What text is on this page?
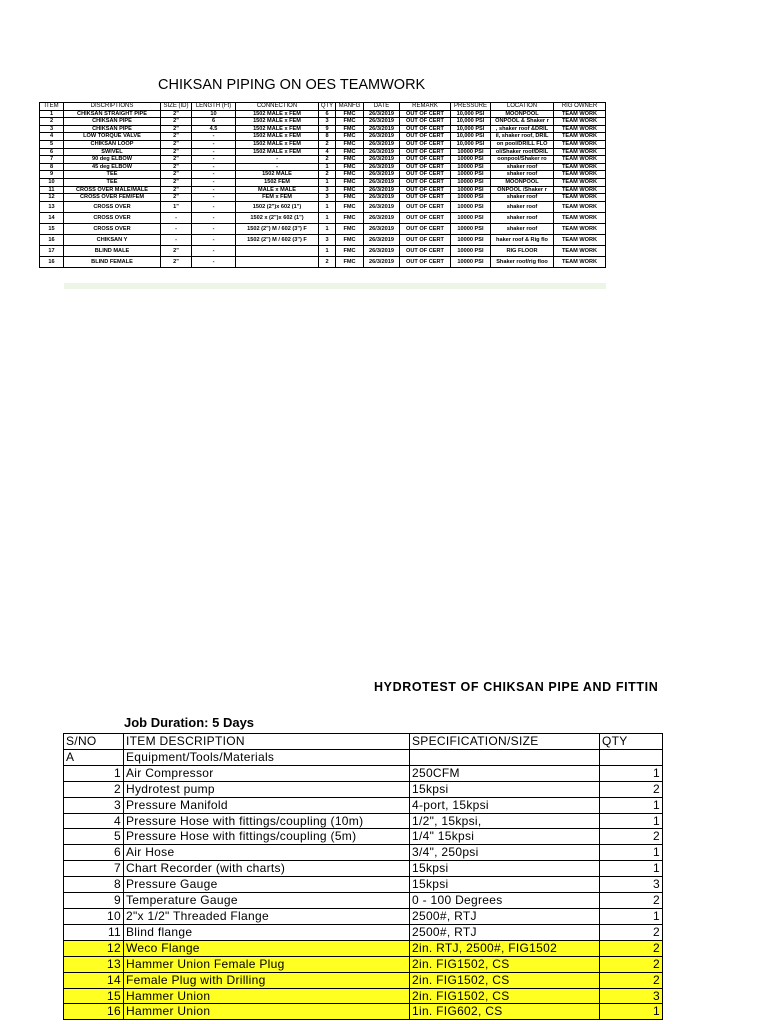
CHIKSAN PIPING ON OES TEAMWORK
ITEM	DISCRIPTIONS	SIZE (ID)	LENGTH (Ft)	CONNECTION	QTY	MANFG	DATE	REMARK	PRESSURE	LOCATION	RIG OWNER
1	CHIKSAN STRAIGHT PIPE	2"	10	1502 MALE x FEM	6	FMC	26/3/2019	OUT OF CERT	10,000 PSI	MOONPOOL	TEAM WORK
2	CHIKSAN PIPE	2"	6	1502 MALE x FEM	3	FMC	26/3/2019	OUT OF CERT	10,000 PSI	ONPOOL & Shaker r	TEAM WORK
3	CHIKSAN PIPE	2"	4.5	1502 MALE x FEM	9	FMC	26/3/2019	OUT OF CERT	10,000 PSI	, shaker roof &DRIL	TEAM WORK
4	LOW TORQUE VALVE	2"	-	1502 MALE x FEM	8	FMC	26/3/2019	OUT OF CERT	10,000 PSI	il, shaker roof, DRIL	TEAM WORK
5	CHIKSAN LOOP	2"	-	1502 MALE x FEM	2	FMC	26/3/2019	OUT OF CERT	10,000 PSI	on pool/DRILL FLO	TEAM WORK
6	SWIVEL	2"	-	1502 MALE x FEM	4	FMC	26/3/2019	OUT OF CERT	10000 PSI	ol/Shaker roof/DRIL	TEAM WORK
7	90 deg ELBOW	2"	-	-	2	FMC	26/3/2019	OUT OF CERT	10000 PSI	oonpool/Shaker ro	TEAM WORK
8	45 deg ELBOW	2"	-	-	1	FMC	26/3/2019	OUT OF CERT	10000 PSI	shaker roof	TEAM WORK
9	TEE	2"	-	1502 MALE	2	FMC	26/3/2019	OUT OF CERT	10000 PSI	shaker roof	TEAM WORK
10	TEE	2"	-	1502 FEM	1	FMC	26/3/2019	OUT OF CERT	10000 PSI	MOONPOOL	TEAM WORK
11	CROSS OVER MALE/MALE	2"	-	MALE x MALE	3	FMC	26/3/2019	OUT OF CERT	10000 PSI	ONPOOL /Shaker r	TEAM WORK
12	CROSS OVER FEM/FEM	2"	-	FEM x FEM	3	FMC	26/3/2019	OUT OF CERT	10000 PSI	shaker roof	TEAM WORK
13	CROSS OVER	1"	-	1502 (2")x 602 (1")	1	FMC	26/3/2019	OUT OF CERT	10000 PSI	shaker roof	TEAM WORK
14	CROSS OVER	-	-	1502 x (2")x 602 (1")	1	FMC	26/3/2019	OUT OF CERT	10000 PSI	shaker roof	TEAM WORK
15	CROSS OVER	-	-	1502 (2") M / 602 (3") F	1	FMC	26/3/2019	OUT OF CERT	10000 PSI	shaker roof	TEAM WORK
16	CHIKSAN Y	-	-	1502 (2") M / 602 (3") F	3	FMC	26/3/2019	OUT OF CERT	10000 PSI	haker roof & Rig flo	TEAM WORK
17	BLIND MALE	2"	-		1	FMC	26/3/2019	OUT OF CERT	10000 PSI	RIG FLOOR	TEAM WORK
16	BLIND FEMALE	2"	-		2	FMC	26/3/2019	OUT OF CERT	10000 PSI	Shaker roof/rig floo	TEAM WORK
HYDROTEST OF CHIKSAN PIPE AND FITTIN
Job Duration: 5 Days
S/NO	ITEM DESCRIPTION	SPECIFICATION/SIZE	QTY
A	Equipment/Tools/Materials		
1	Air Compressor	250CFM	1
2	Hydrotest pump	15kpsi	2
3	Pressure Manifold	4-port, 15kpsi	1
4	Pressure Hose with fittings/coupling (10m)	1/2", 15kpsi,	1
5	Pressure Hose with fittings/coupling (5m)	1/4" 15kpsi	2
6	Air Hose	3/4", 250psi	1
7	Chart Recorder (with charts)	15kpsi	1
8	Pressure Gauge	15kpsi	3
9	Temperature Gauge	0 - 100 Degrees	2
10	2"x 1/2" Threaded Flange	2500#, RTJ	1
11	Blind flange	2500#, RTJ	2
12	Weco Flange	2in. RTJ, 2500#, FIG1502	2
13	Hammer Union Female Plug	2in. FIG1502, CS	2
14	Female Plug with Drilling	2in. FIG1502, CS	2
15	Hammer Union	2in. FIG1502, CS	3
16	Hammer Union	1in. FIG602, CS	1
